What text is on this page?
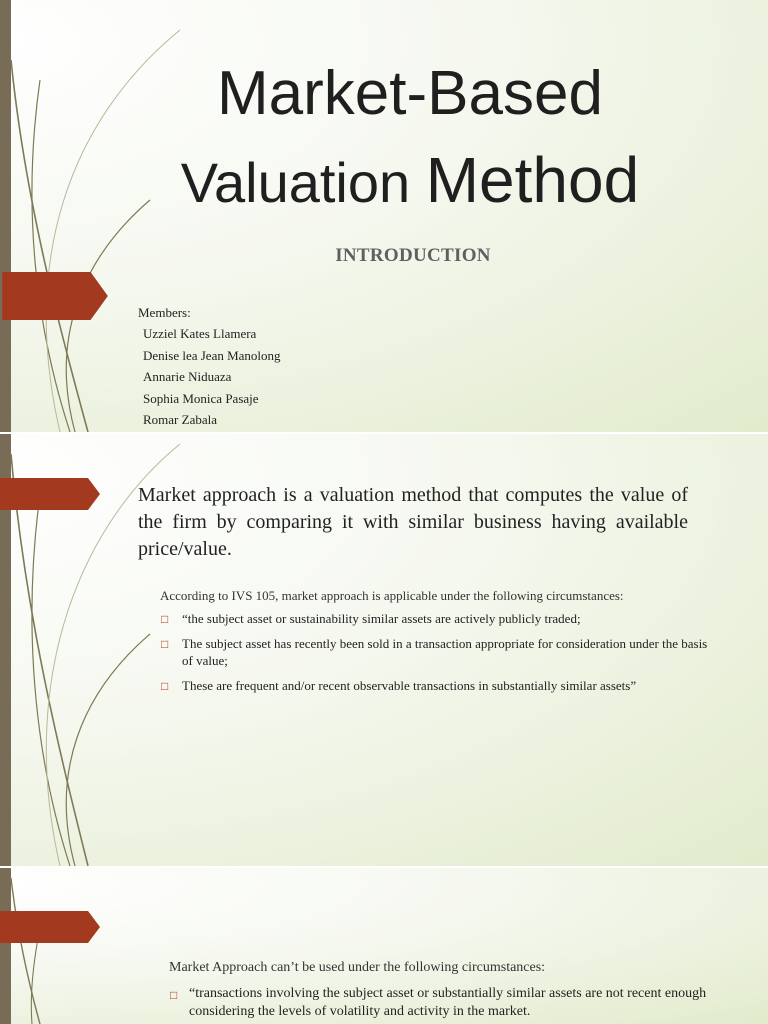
Market-Based
Valuation Method
INTRODUCTION
Members:
Uzziel Kates Llamera
Denise lea Jean Manolong
Annarie Niduaza
Sophia Monica Pasaje
Romar Zabala
Market approach is a valuation method that computes the value of the firm by comparing it with similar business having available price/value.
According to IVS 105, market approach is applicable under the following circumstances:
□ “the subject asset or sustainability similar assets are actively publicly traded;
□ The subject asset has recently been sold in a transaction appropriate for consideration under the basis of value;
□ These are frequent and/or recent observable transactions in substantially similar assets”
Market Approach can’t be used under the following circumstances:
□ “transactions involving the subject asset or substantially similar assets are not recent enough considering the levels of volatility and activity in the market.
